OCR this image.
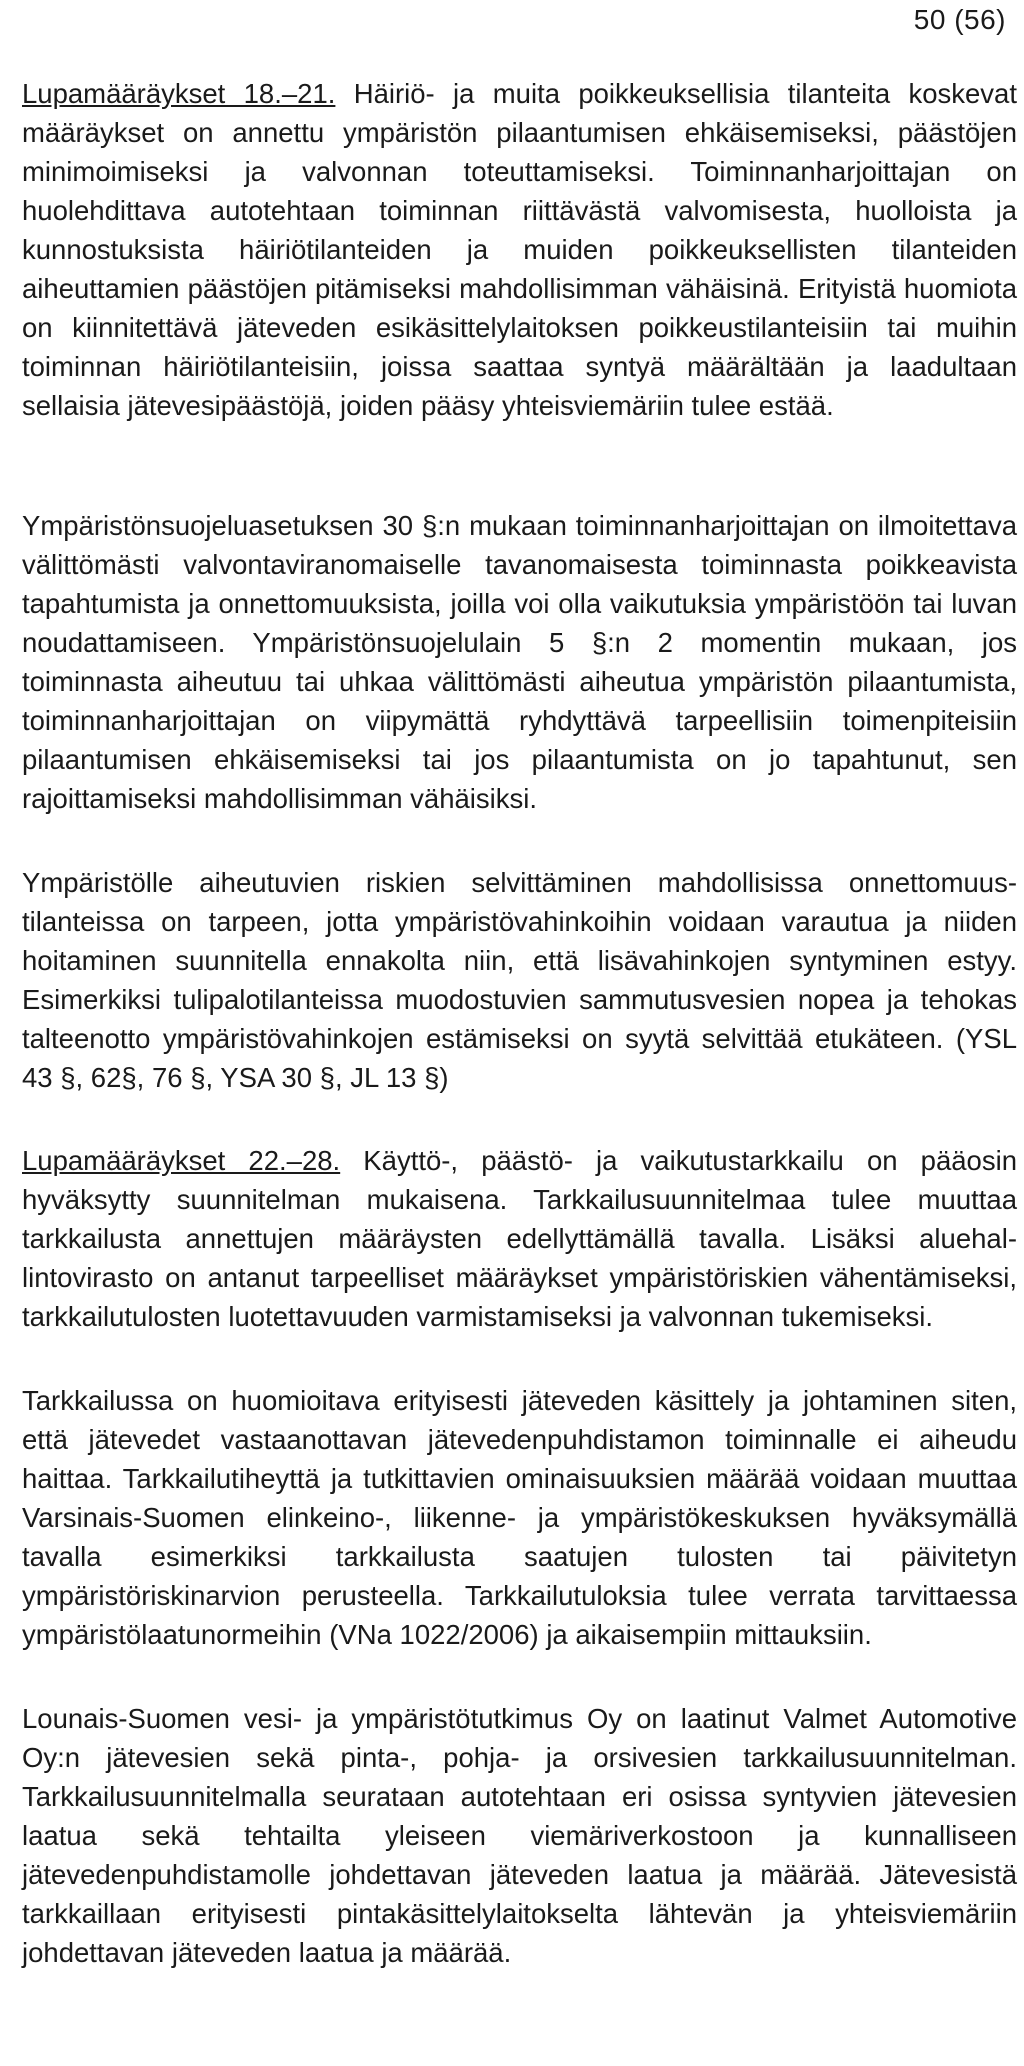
50 (56)

Lupamääräykset 18.–21. Häiriö- ja muita poikkeuksellisia tilanteita koskevat määräykset on annettu ympäristön pilaantumisen ehkäisemiseksi, päästöjen minimoimiseksi ja valvonnan toteuttamiseksi. Toiminnanharjoittajan on huolehdittava autotehtaan toiminnan riittävästä valvomisesta, huolloista ja kunnostuksista häiriötilanteiden ja muiden poikkeuksellisten tilanteiden aiheuttamien päästöjen pitämiseksi mahdollisimman vähäisinä. Erityistä huomiota on kiinnitettävä jäteveden esikäsittelylaitoksen poikkeustilanteisiin tai muihin toiminnan häiriötilanteisiin, joissa saattaa syntyä määrältään ja laadultaan sellaisia jätevesipäästöjä, joiden pääsy yhteisviemäriin tulee estää.

Ympäristönsuojeluasetuksen 30 §:n mukaan toiminnanharjoittajan on ilmoitettava välittömästi valvontaviranomaiselle tavanomaisesta toiminnasta poikkeavista tapahtumista ja onnettomuuksista, joilla voi olla vaikutuksia ympäristöön tai luvan noudattamiseen. Ympäristönsuojelulain 5 §:n 2 momentin mukaan, jos toiminnasta aiheutuu tai uhkaa välittömästi aiheutua ympäristön pilaantumista, toiminnanharjoittajan on viipymättä ryhdyttävä tarpeellisiin toimenpiteisiin pilaantumisen ehkäisemiseksi tai jos pilaantumista on jo tapahtunut, sen rajoittamiseksi mahdollisimman vähäisiksi.

Ympäristölle aiheutuvien riskien selvittäminen mahdollisissa onnettomuustilanteissa on tarpeen, jotta ympäristövahinkoihin voidaan varautua ja niiden hoitaminen suunnitella ennakolta niin, että lisävahinkojen syntyminen estyy. Esimerkiksi tulipalotilanteissa muodostuvien sammutusvesien nopea ja tehokas talteenotto ympäristövahinkojen estämiseksi on syytä selvittää etukäteen. (YSL 43 §, 62§, 76 §, YSA 30 §, JL 13 §)

Lupamääräykset 22.–28. Käyttö-, päästö- ja vaikutustarkkailu on pääosin hyväksytty suunnitelman mukaisena. Tarkkailusuunnitelmaa tulee muuttaa tarkkailusta annettujen määräysten edellyttämällä tavalla. Lisäksi aluehallintovirasto on antanut tarpeelliset määräykset ympäristöriskien vähentämiseksi, tarkkailutulosten luotettavuuden varmistamiseksi ja valvonnan tukemiseksi.

Tarkkailussa on huomioitava erityisesti jäteveden käsittely ja johtaminen siten, että jätevedet vastaanottavan jätevedenpuhdistamon toiminnalle ei aiheudu haittaa. Tarkkailutiheyttä ja tutkittavien ominaisuuksien määrää voidaan muuttaa Varsinais-Suomen elinkeino-, liikenne- ja ympäristökeskuksen hyväksymällä tavalla esimerkiksi tarkkailusta saatujen tulosten tai päivitetyn ympäristöriskinarvion perusteella. Tarkkailutuloksia tulee verrata tarvittaessa ympäristölaatunormeihin (VNa 1022/2006) ja aikaisempiin mittauksiin.

Lounais-Suomen vesi- ja ympäristötutkimus Oy on laatinut Valmet Automotive Oy:n jätevesien sekä pinta-, pohja- ja orsivesien tarkkailusuunnitelman. Tarkkailusuunnitelmalla seurataan autotehtaan eri osissa syntyvien jätevesien laatua sekä tehtailta yleiseen viemäriverkostoon ja kunnalliseen jätevedenpuhdistamolle johdettavan jäteveden laatua ja määrää. Jätevesistä tarkkaillaan erityisesti pintakäsittelylaitokselta lähtevän ja yhteisviemäriin johdettavan jäteveden laatua ja määrää.
